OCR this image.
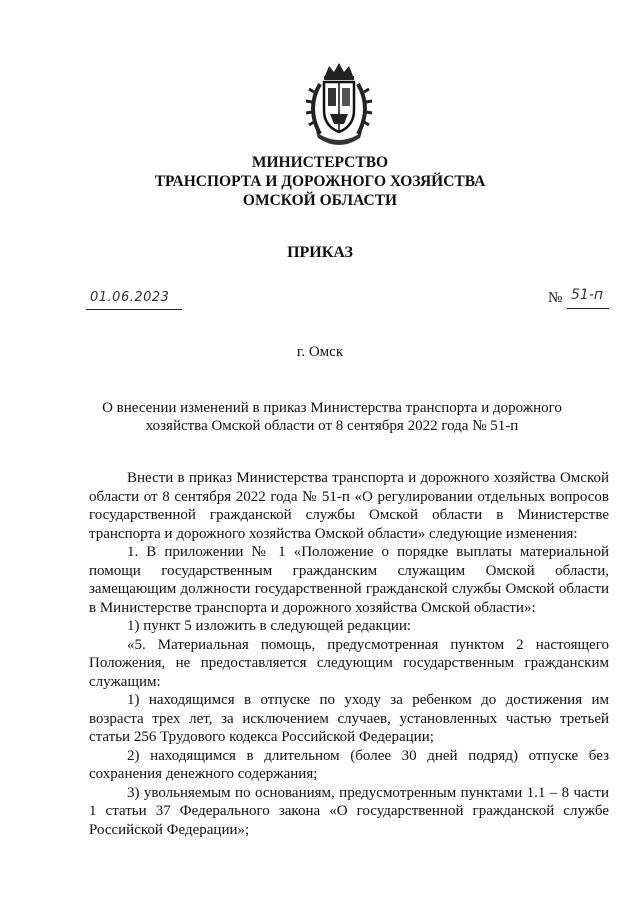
МИНИСТЕРСТВО
ТРАНСПОРТА И ДОРОЖНОГО ХОЗЯЙСТВА
ОМСКОЙ ОБЛАСТИ
ПРИКАЗ
01.06.2023	№ 51-п
г. Омск
О внесении изменений в приказ Министерства транспорта и дорожного
хозяйства Омской области от 8 сентября 2022 года № 51-п

Внести в приказ Министерства транспорта и дорожного хозяйства Омской области от 8 сентября 2022 года № 51-п «О регулировании отдельных вопросов государственной гражданской службы Омской области в Министерстве транспорта и дорожного хозяйства Омской области» следующие изменения:

1. В приложении № 1 «Положение о порядке выплаты материальной помощи государственным гражданским служащим Омской области, замещающим должности государственной гражданской службы Омской области в Министерстве транспорта и дорожного хозяйства Омской области»:

1) пункт 5 изложить в следующей редакции:

«5. Материальная помощь, предусмотренная пунктом 2 настоящего Положения, не предоставляется следующим государственным гражданским служащим:

1) находящимся в отпуске по уходу за ребенком до достижения им возраста трех лет, за исключением случаев, установленных частью третьей статьи 256 Трудового кодекса Российской Федерации;

2) находящимся в длительном (более 30 дней подряд) отпуске без сохранения денежного содержания;

3) увольняемым по основаниям, предусмотренным пунктами 1.1 – 8 части 1 статьи 37 Федерального закона «О государственной гражданской службе Российской Федерации»;
